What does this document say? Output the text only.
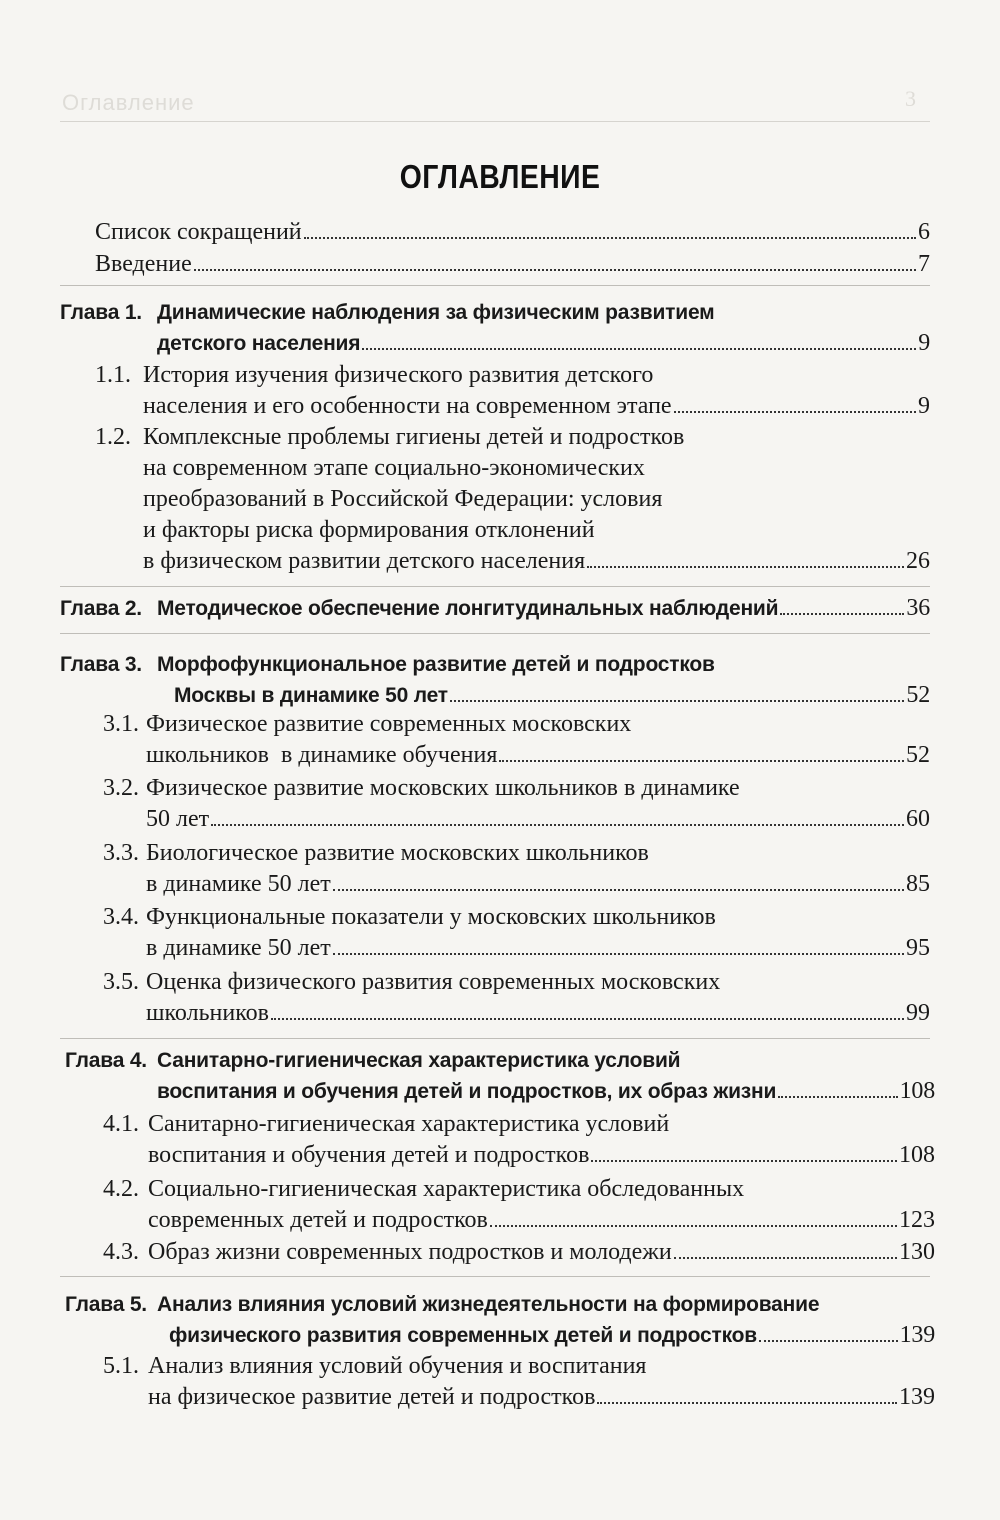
Оглавление	3
ОГЛАВЛЕНИЕ
Список сокращений	6
Введение	7
Глава 1. Динамические наблюдения за физическим развитием
детского населения	9
1.1. История изучения физического развития детского
населения и его особенности на современном этапе	9
1.2. Комплексные проблемы гигиены детей и подростков
на современном этапе социально-экономических
преобразований в Российской Федерации: условия
и факторы риска формирования отклонений
в физическом развитии детского населения	26
Глава 2. Методическое обеспечение лонгитудинальных наблюдений	36
Глава 3. Морфофункциональное развитие детей и подростков
Москвы в динамике 50 лет	52
3.1. Физическое развитие современных московских
школьников  в динамике обучения	52
3.2. Физическое развитие московских школьников в динамике
50 лет	60
3.3. Биологическое развитие московских школьников
в динамике 50 лет	85
3.4. Функциональные показатели у московских школьников
в динамике 50 лет	95
3.5. Оценка физического развития современных московских
школьников	99
Глава 4. Санитарно-гигиеническая характеристика условий
воспитания и обучения детей и подростков, их образ жизни	108
4.1. Санитарно-гигиеническая характеристика условий
воспитания и обучения детей и подростков	108
4.2. Социально-гигиеническая характеристика обследованных
современных детей и подростков	123
4.3. Образ жизни современных подростков и молодежи	130
Глава 5. Анализ влияния условий жизнедеятельности на формирование
физического развития современных детей и подростков	139
5.1. Анализ влияния условий обучения и воспитания
на физическое развитие детей и подростков	139
